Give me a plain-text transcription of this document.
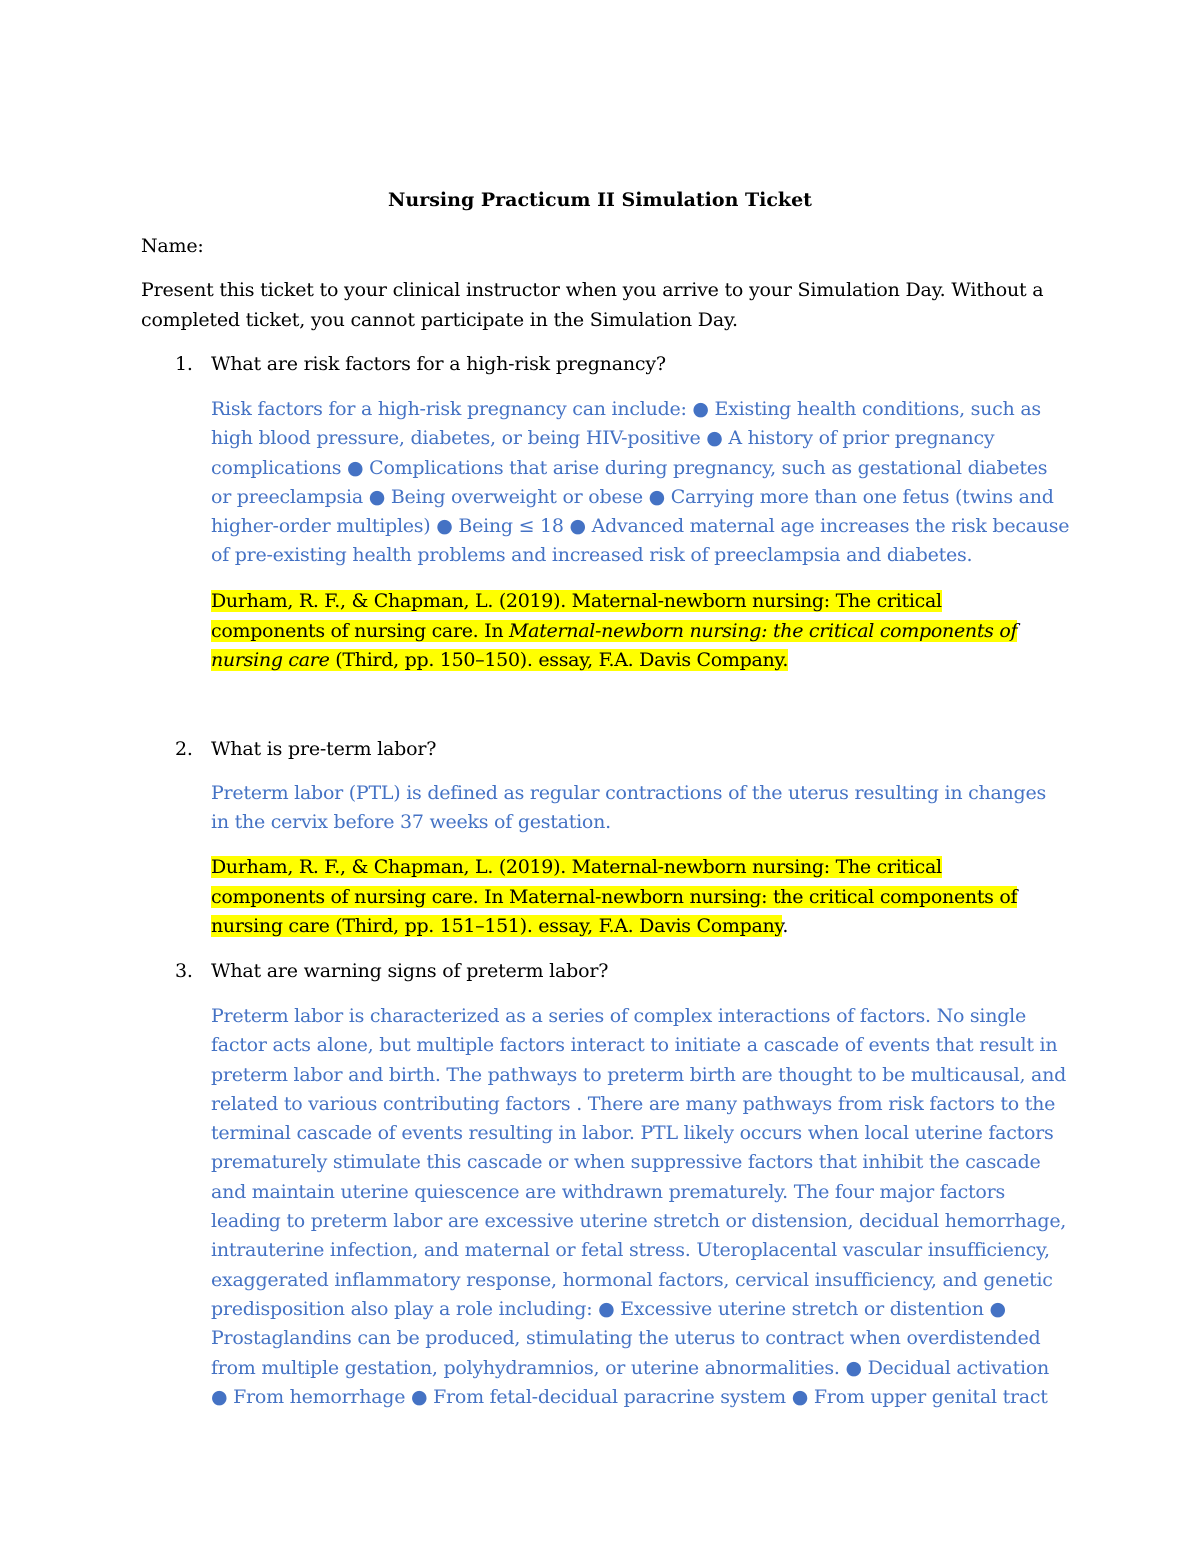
Nursing Practicum II Simulation Ticket
Name:
Present this ticket to your clinical instructor when you arrive to your Simulation Day. Without a completed ticket, you cannot participate in the Simulation Day.
1. What are risk factors for a high-risk pregnancy?
Risk factors for a high-risk pregnancy can include: ● Existing health conditions, such as high blood pressure, diabetes, or being HIV-positive ● A history of prior pregnancy complications ● Complications that arise during pregnancy, such as gestational diabetes or preeclampsia ● Being overweight or obese ● Carrying more than one fetus (twins and higher-order multiples) ● Being ≤ 18 ● Advanced maternal age increases the risk because of pre-existing health problems and increased risk of preeclampsia and diabetes.
Durham, R. F., & Chapman, L. (2019). Maternal-newborn nursing: The critical components of nursing care. In Maternal-newborn nursing: the critical components of nursing care (Third, pp. 150–150). essay, F.A. Davis Company.
2. What is pre-term labor?
Preterm labor (PTL) is defined as regular contractions of the uterus resulting in changes in the cervix before 37 weeks of gestation.
Durham, R. F., & Chapman, L. (2019). Maternal-newborn nursing: The critical components of nursing care. In Maternal-newborn nursing: the critical components of nursing care (Third, pp. 151–151). essay, F.A. Davis Company.
3. What are warning signs of preterm labor?
Preterm labor is characterized as a series of complex interactions of factors. No single factor acts alone, but multiple factors interact to initiate a cascade of events that result in preterm labor and birth. The pathways to preterm birth are thought to be multicausal, and related to various contributing factors . There are many pathways from risk factors to the terminal cascade of events resulting in labor. PTL likely occurs when local uterine factors prematurely stimulate this cascade or when suppressive factors that inhibit the cascade and maintain uterine quiescence are withdrawn prematurely. The four major factors leading to preterm labor are excessive uterine stretch or distension, decidual hemorrhage, intrauterine infection, and maternal or fetal stress. Uteroplacental vascular insufficiency, exaggerated inflammatory response, hormonal factors, cervical insufficiency, and genetic predisposition also play a role including: ● Excessive uterine stretch or distention ● Prostaglandins can be produced, stimulating the uterus to contract when overdistended from multiple gestation, polyhydramnios, or uterine abnormalities. ● Decidual activation ● From hemorrhage ● From fetal-decidual paracrine system ● From upper genital tract
